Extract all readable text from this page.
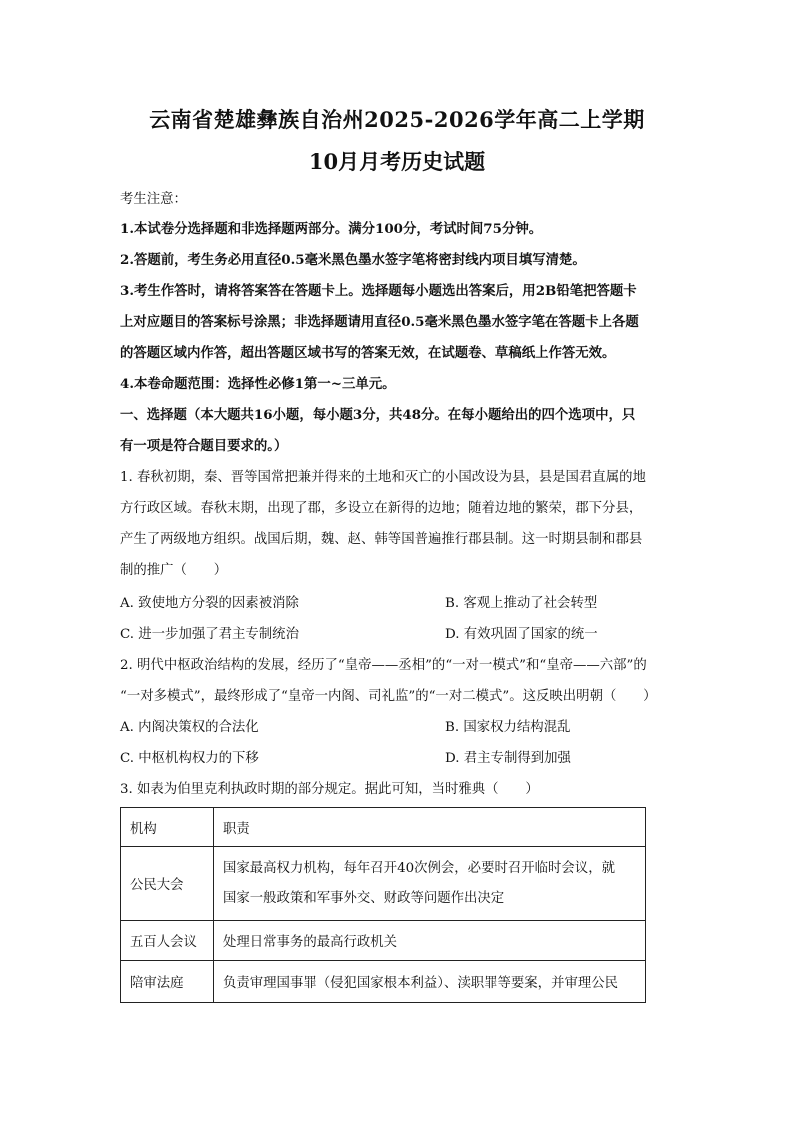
云南省楚雄彝族自治州2025-2026学年高二上学期
10月月考历史试题
考生注意：
1.本试卷分选择题和非选择题两部分。满分100分，考试时间75分钟。
2.答题前，考生务必用直径0.5毫米黑色墨水签字笔将密封线内项目填写清楚。
3.考生作答时，请将答案答在答题卡上。选择题每小题选出答案后，用2B铅笔把答题卡
上对应题目的答案标号涂黑；非选择题请用直径0.5毫米黑色墨水签字笔在答题卡上各题
的答题区域内作答，超出答题区域书写的答案无效，在试题卷、草稿纸上作答无效。
4.本卷命题范围：选择性必修1第一~三单元。
一、选择题（本大题共16小题，每小题3分，共48分。在每小题给出的四个选项中，只
有一项是符合题目要求的。）
1. 春秋初期，秦、晋等国常把兼并得来的土地和灭亡的小国改设为县，县是国君直属的地
方行政区域。春秋末期，出现了郡，多设立在新得的边地；随着边地的繁荣，郡下分县，
产生了两级地方组织。战国后期，魏、赵、韩等国普遍推行郡县制。这一时期县制和郡县
制的推广（　　）
A. 致使地方分裂的因素被消除	B. 客观上推动了社会转型
C. 进一步加强了君主专制统治	D. 有效巩固了国家的统一
2. 明代中枢政治结构的发展，经历了“皇帝——丞相”的“一对一模式”和“皇帝——六部”的
“一对多模式”，最终形成了“皇帝一内阁、司礼监”的“一对二模式”。这反映出明朝（　　）
A. 内阁决策权的合法化	B. 国家权力结构混乱
C. 中枢机构权力的下移	D. 君主专制得到加强
3. 如表为伯里克利执政时期的部分规定。据此可知，当时雅典（　　）
机构	职责
公民大会	国家最高权力机构，每年召开40次例会，必要时召开临时会议，就
国家一般政策和军事外交、财政等问题作出决定

五百人会议	处理日常事务的最高行政机关
陪审法庭	负责审理国事罪（侵犯国家根本利益）、渎职罪等要案，并审理公民
